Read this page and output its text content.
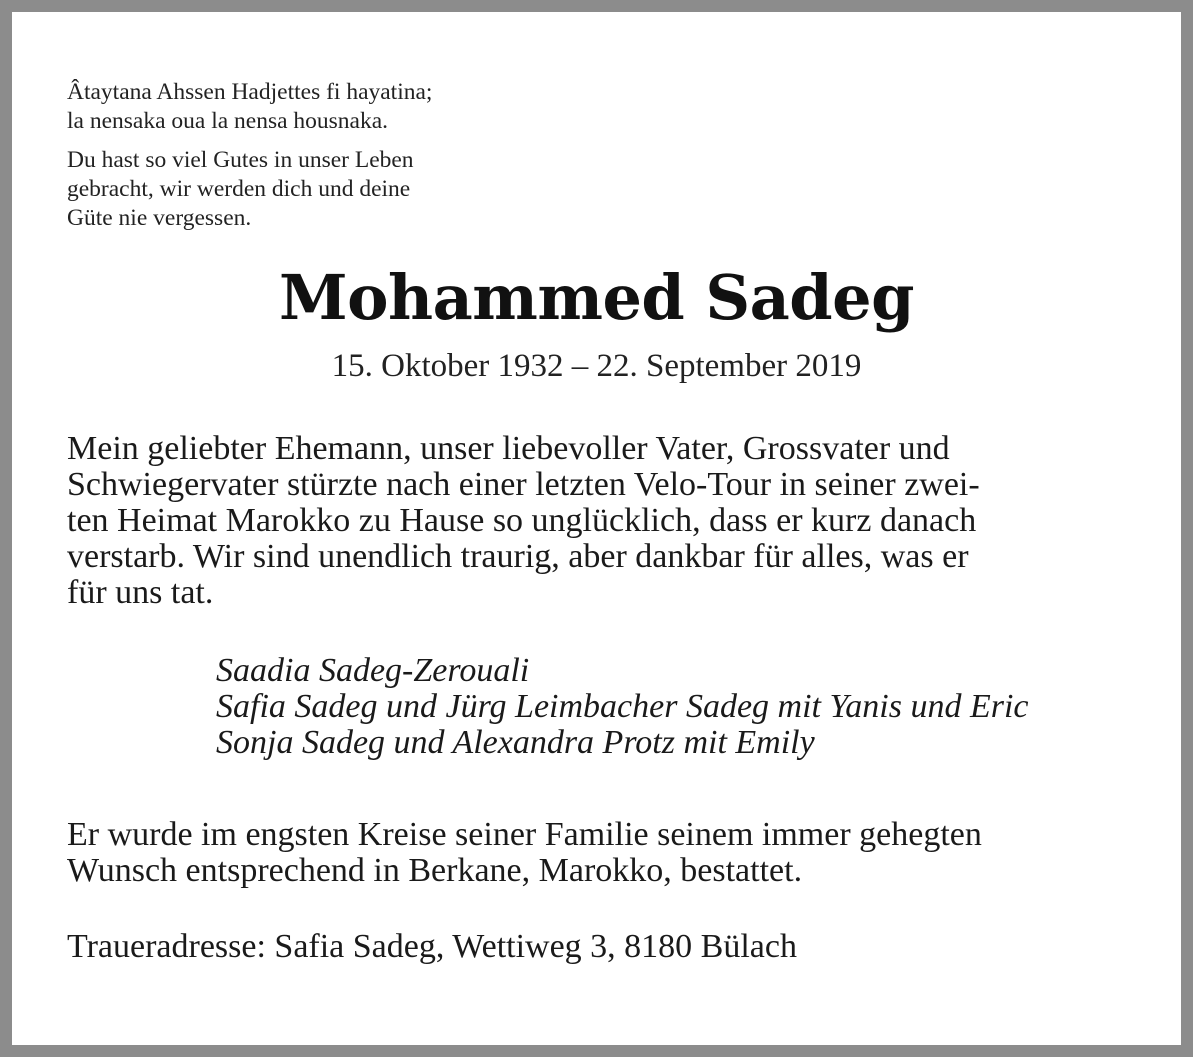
Âtaytana Ahssen Hadjettes fi hayatina;

la nensaka oua la nensa housnaka.

Du hast so viel Gutes in unser Leben

gebracht, wir werden dich und deine

Güte nie vergessen.

Mohammed Sadeg
15. Oktober 1932 – 22. September 2019

Mein geliebter Ehemann, unser liebevoller Vater, Grossvater und

Schwiegervater stürzte nach einer letzten Velo-Tour in seiner zwei-

ten Heimat Marokko zu Hause so unglücklich, dass er kurz danach

verstarb. Wir sind unendlich traurig, aber dankbar für alles, was er

für uns tat.

Saadia Sadeg-Zerouali

Safia Sadeg und Jürg Leimbacher Sadeg mit Yanis und Eric

Sonja Sadeg und Alexandra Protz mit Emily

Er wurde im engsten Kreise seiner Familie seinem immer gehegten

Wunsch entsprechend in Berkane, Marokko, bestattet.

Traueradresse: Safia Sadeg, Wettiweg 3, 8180 Bülach
